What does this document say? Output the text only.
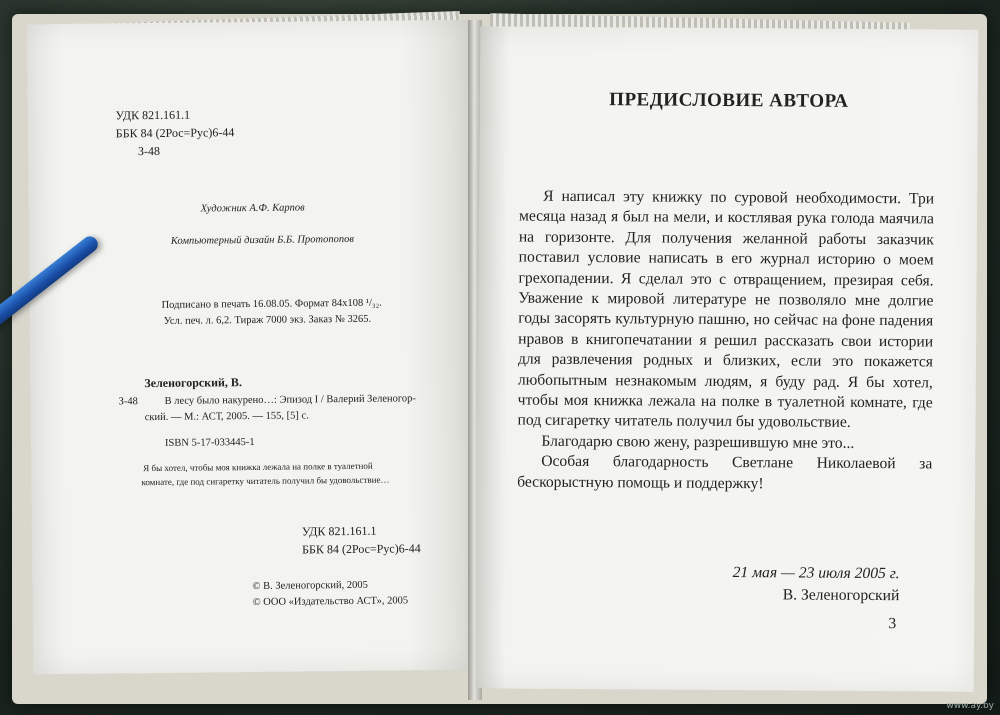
УДК 821.161.1
ББК 84 (2Рос=Рус)6-44
З-48
Художник А.Ф. Карпов
Компьютерный дизайн Б.Б. Протопопов
Подписано в печать 16.08.05. Формат 84х108 ¹/₃₂.
Усл. печ. л. 6,2. Тираж 7000 экз. Заказ № 3265.
Зеленогорский, В.
З-48	В лесу было накурено…: Эпизод I / Валерий Зеленогор-
ский. — М.: АСТ, 2005. — 155, [5] с.
ISBN 5-17-033445-1
Я бы хотел, чтобы моя книжка лежала на полке в туалетной
комнате, где под сигаретку читатель получил бы удовольствие…
УДК 821.161.1
ББК 84 (2Рос=Рус)6-44
© В. Зеленогорский, 2005
© ООО «Издательство АСТ», 2005
ПРЕДИСЛОВИЕ АВТОРА

Я написал эту книжку по суровой необходимости. Три месяца назад я был на мели, и костлявая рука голода маячила на горизонте. Для получения желанной работы заказчик поставил условие написать в его журнал историю о моем грехопадении. Я сделал это с отвращением, презирая себя. Уважение к мировой литературе не позволяло мне долгие годы засорять культурную пашню, но сейчас на фоне падения нравов в книгопечатании я решил рассказать свои истории для развлечения родных и близких, если это покажется любопытным незнакомым людям, я буду рад. Я бы хотел, чтобы моя книжка лежала на полке в туалетной комнате, где под сигаретку читатель получил бы удовольствие.

Благодарю свою жену, разрешившую мне это...

Особая благодарность Светлане Николаевой за бескорыстную помощь и поддержку!

21 мая — 23 июля 2005 г.
В. Зеленогорский
3
www.ay.by
